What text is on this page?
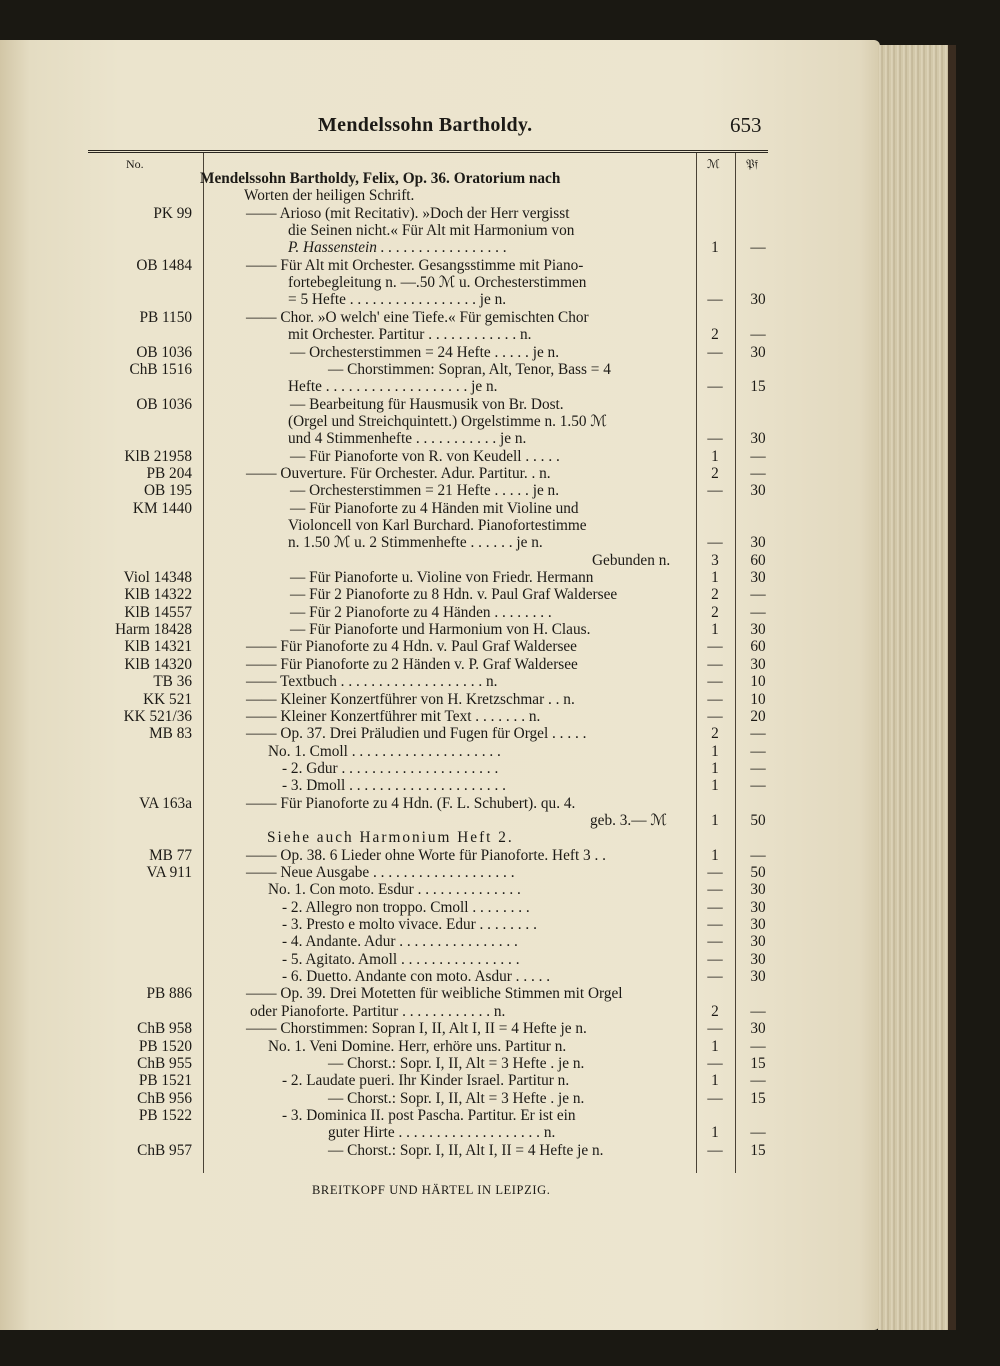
Mendelssohn Bartholdy.	653
No.	ℳ 𝔓𝔣
Mendelssohn Bartholdy, Felix, Op. 36. Oratorium nach
Worten der heiligen Schrift.
PK 99	—— Arioso (mit Recitativ). »Doch der Herr vergisst
die Seinen nicht.« Für Alt mit Harmonium von
P. Hassenstein . . . . . . . . . . . . . . . . .	1	—
OB 1484	—— Für Alt mit Orchester. Gesangsstimme mit Piano-
fortebegleitung n. —.50 ℳ u. Orchesterstimmen
= 5 Hefte . . . . . . . . . . . . . . . . . je n.	—	30
PB 1150	—— Chor. »O welch' eine Tiefe.« Für gemischten Chor
mit Orchester. Partitur . . . . . . . . . . . . n.	2	—
OB 1036	— Orchesterstimmen = 24 Hefte . . . . . je n.	—	30
ChB 1516	— Chorstimmen: Sopran, Alt, Tenor, Bass = 4
Hefte . . . . . . . . . . . . . . . . . . . je n.	—	15
OB 1036	— Bearbeitung für Hausmusik von Br. Dost.
(Orgel und Streichquintett.) Orgelstimme n. 1.50 ℳ
und 4 Stimmenhefte . . . . . . . . . . . je n.	—	30
KlB 21958	— Für Pianoforte von R. von Keudell . . . . .	1	—
PB 204	—— Ouverture. Für Orchester. Adur. Partitur. . n.	2	—
OB 195	— Orchesterstimmen = 21 Hefte . . . . . je n.	—	30
KM 1440	— Für Pianoforte zu 4 Händen mit Violine und
Violoncell von Karl Burchard. Pianofortestimme
n. 1.50 ℳ u. 2 Stimmenhefte . . . . . . je n.	—	30
Gebunden n.	3	60
Viol 14348	— Für Pianoforte u. Violine von Friedr. Hermann	1	30
KlB 14322	— Für 2 Pianoforte zu 8 Hdn. v. Paul Graf Waldersee	2	—
KlB 14557	— Für 2 Pianoforte zu 4 Händen . . . . . . . .	2	—
Harm 18428	— Für Pianoforte und Harmonium von H. Claus.	1	30
KlB 14321	—— Für Pianoforte zu 4 Hdn. v. Paul Graf Waldersee	—	60
KlB 14320	—— Für Pianoforte zu 2 Händen v. P. Graf Waldersee	—	30
TB 36	—— Textbuch . . . . . . . . . . . . . . . . . . . n.	—	10
KK 521	—— Kleiner Konzertführer von H. Kretzschmar . . n.	—	10
KK 521/36	—— Kleiner Konzertführer mit Text . . . . . . . n.	—	20
MB 83	—— Op. 37. Drei Präludien und Fugen für Orgel . . . . .	2	—
No. 1. Cmoll . . . . . . . . . . . . . . . . . . . .	1	—
- 2. Gdur . . . . . . . . . . . . . . . . . . . . .	1	—
- 3. Dmoll . . . . . . . . . . . . . . . . . . . . .	1	—
VA 163a	—— Für Pianoforte zu 4 Hdn. (F. L. Schubert). qu. 4.
geb. 3.— ℳ	1	50
Siehe auch Harmonium Heft 2.
MB 77	—— Op. 38. 6 Lieder ohne Worte für Pianoforte. Heft 3 . .	1	—
VA 911	—— Neue Ausgabe . . . . . . . . . . . . . . . . . . .	—	50
No. 1. Con moto. Esdur . . . . . . . . . . . . . .	—	30
- 2. Allegro non troppo. Cmoll . . . . . . . .	—	30
- 3. Presto e molto vivace. Edur . . . . . . . .	—	30
- 4. Andante. Adur . . . . . . . . . . . . . . . .	—	30
- 5. Agitato. Amoll . . . . . . . . . . . . . . . .	—	30
- 6. Duetto. Andante con moto. Asdur . . . . .	—	30
PB 886	—— Op. 39. Drei Motetten für weibliche Stimmen mit Orgel
oder Pianoforte. Partitur . . . . . . . . . . . . n.	2	—
ChB 958	—— Chorstimmen: Sopran I, II, Alt I, II = 4 Hefte je n.	—	30
PB 1520	No. 1. Veni Domine. Herr, erhöre uns. Partitur n.	1	—
ChB 955	— Chorst.: Sopr. I, II, Alt = 3 Hefte . je n.	—	15
PB 1521	- 2. Laudate pueri. Ihr Kinder Israel. Partitur n.	1	—
ChB 956	— Chorst.: Sopr. I, II, Alt = 3 Hefte . je n.	—	15
PB 1522	- 3. Dominica II. post Pascha. Partitur. Er ist ein
guter Hirte . . . . . . . . . . . . . . . . . . . n.	1	—
ChB 957	— Chorst.: Sopr. I, II, Alt I, II = 4 Hefte je n.	—	15
BREITKOPF UND HÄRTEL IN LEIPZIG.
